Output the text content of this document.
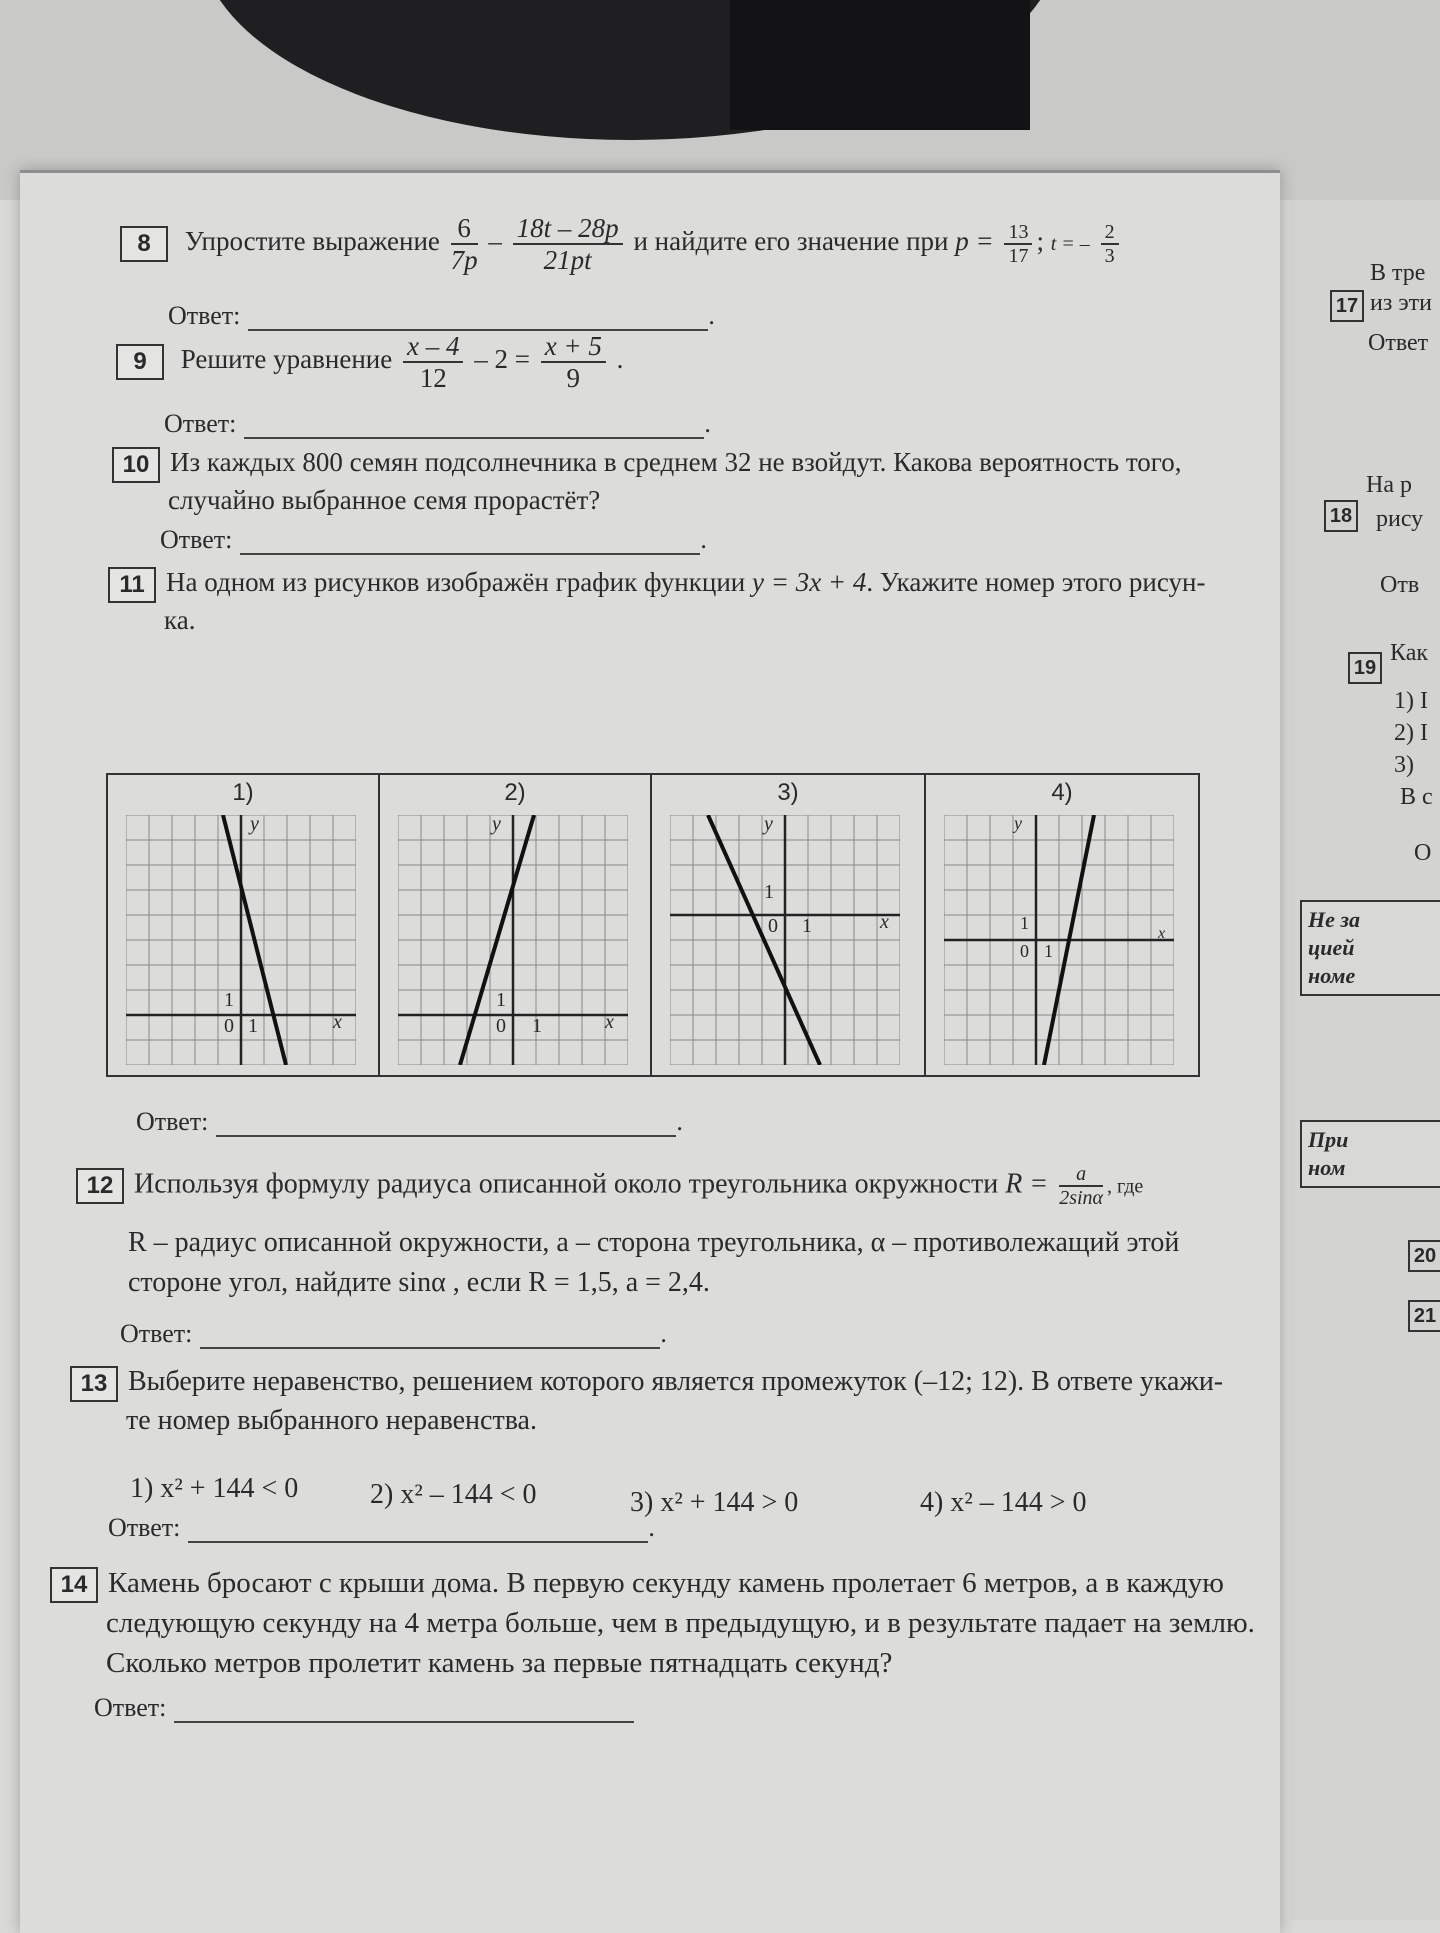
17
В тре
из эти
Ответ
18
На р
рису
Отв
19
Как
1) I
2) I
3)
В с
О
Не за
цией
номе
При
ном
20
21
8 Упростите выражение $\frac{6}{7p} - \frac{18t - 28p}{21pt}$ и найдите его значение при $p = \frac{13}{17}$ ; t = – $\frac{2}{3}$
Ответ:	.
9 Решите уравнение $\frac{x - 4}{12} - 2 = \frac{x + 5}{9}$ .
Ответ:	.
10 Из каждых 800 семян подсолнечника в среднем 32 не взойдут. Какова вероятность того,
случайно выбранное семя прорастёт?
Ответ:	.
11 На одном из рисунков изображён график функции y = 3x + 4. Укажите номер этого рисун-
ка.
1)
y
x
0 1
1
2)
y
x
0 1
1
3)
y
x
0 1
1
4)
y
x
0 1
1
Ответ:	.
12 Используя формулу радиуса описанной около треугольника окружности $R = \frac{a}{2\sin\alpha}$ , где
R – радиус описанной окружности, a – сторона треугольника, α – противолежащий этой
стороне угол, найдите sinα , если R = 1,5, a = 2,4.
Ответ:	.
13 Выберите неравенство, решением которого является промежуток (–12; 12). В ответе укажи-
те номер выбранного неравенства.
1) x² + 144 < 0	2) x² – 144 < 0	3) x² + 144 > 0	4) x² – 144 > 0
Ответ:	.
14 Камень бросают с крыши дома. В первую секунду камень пролетает 6 метров, а в каждую
следующую секунду на 4 метра больше, чем в предыдущую, и в результате падает на землю.
Сколько метров пролетит камень за первые пятнадцать секунд?
Ответ:
